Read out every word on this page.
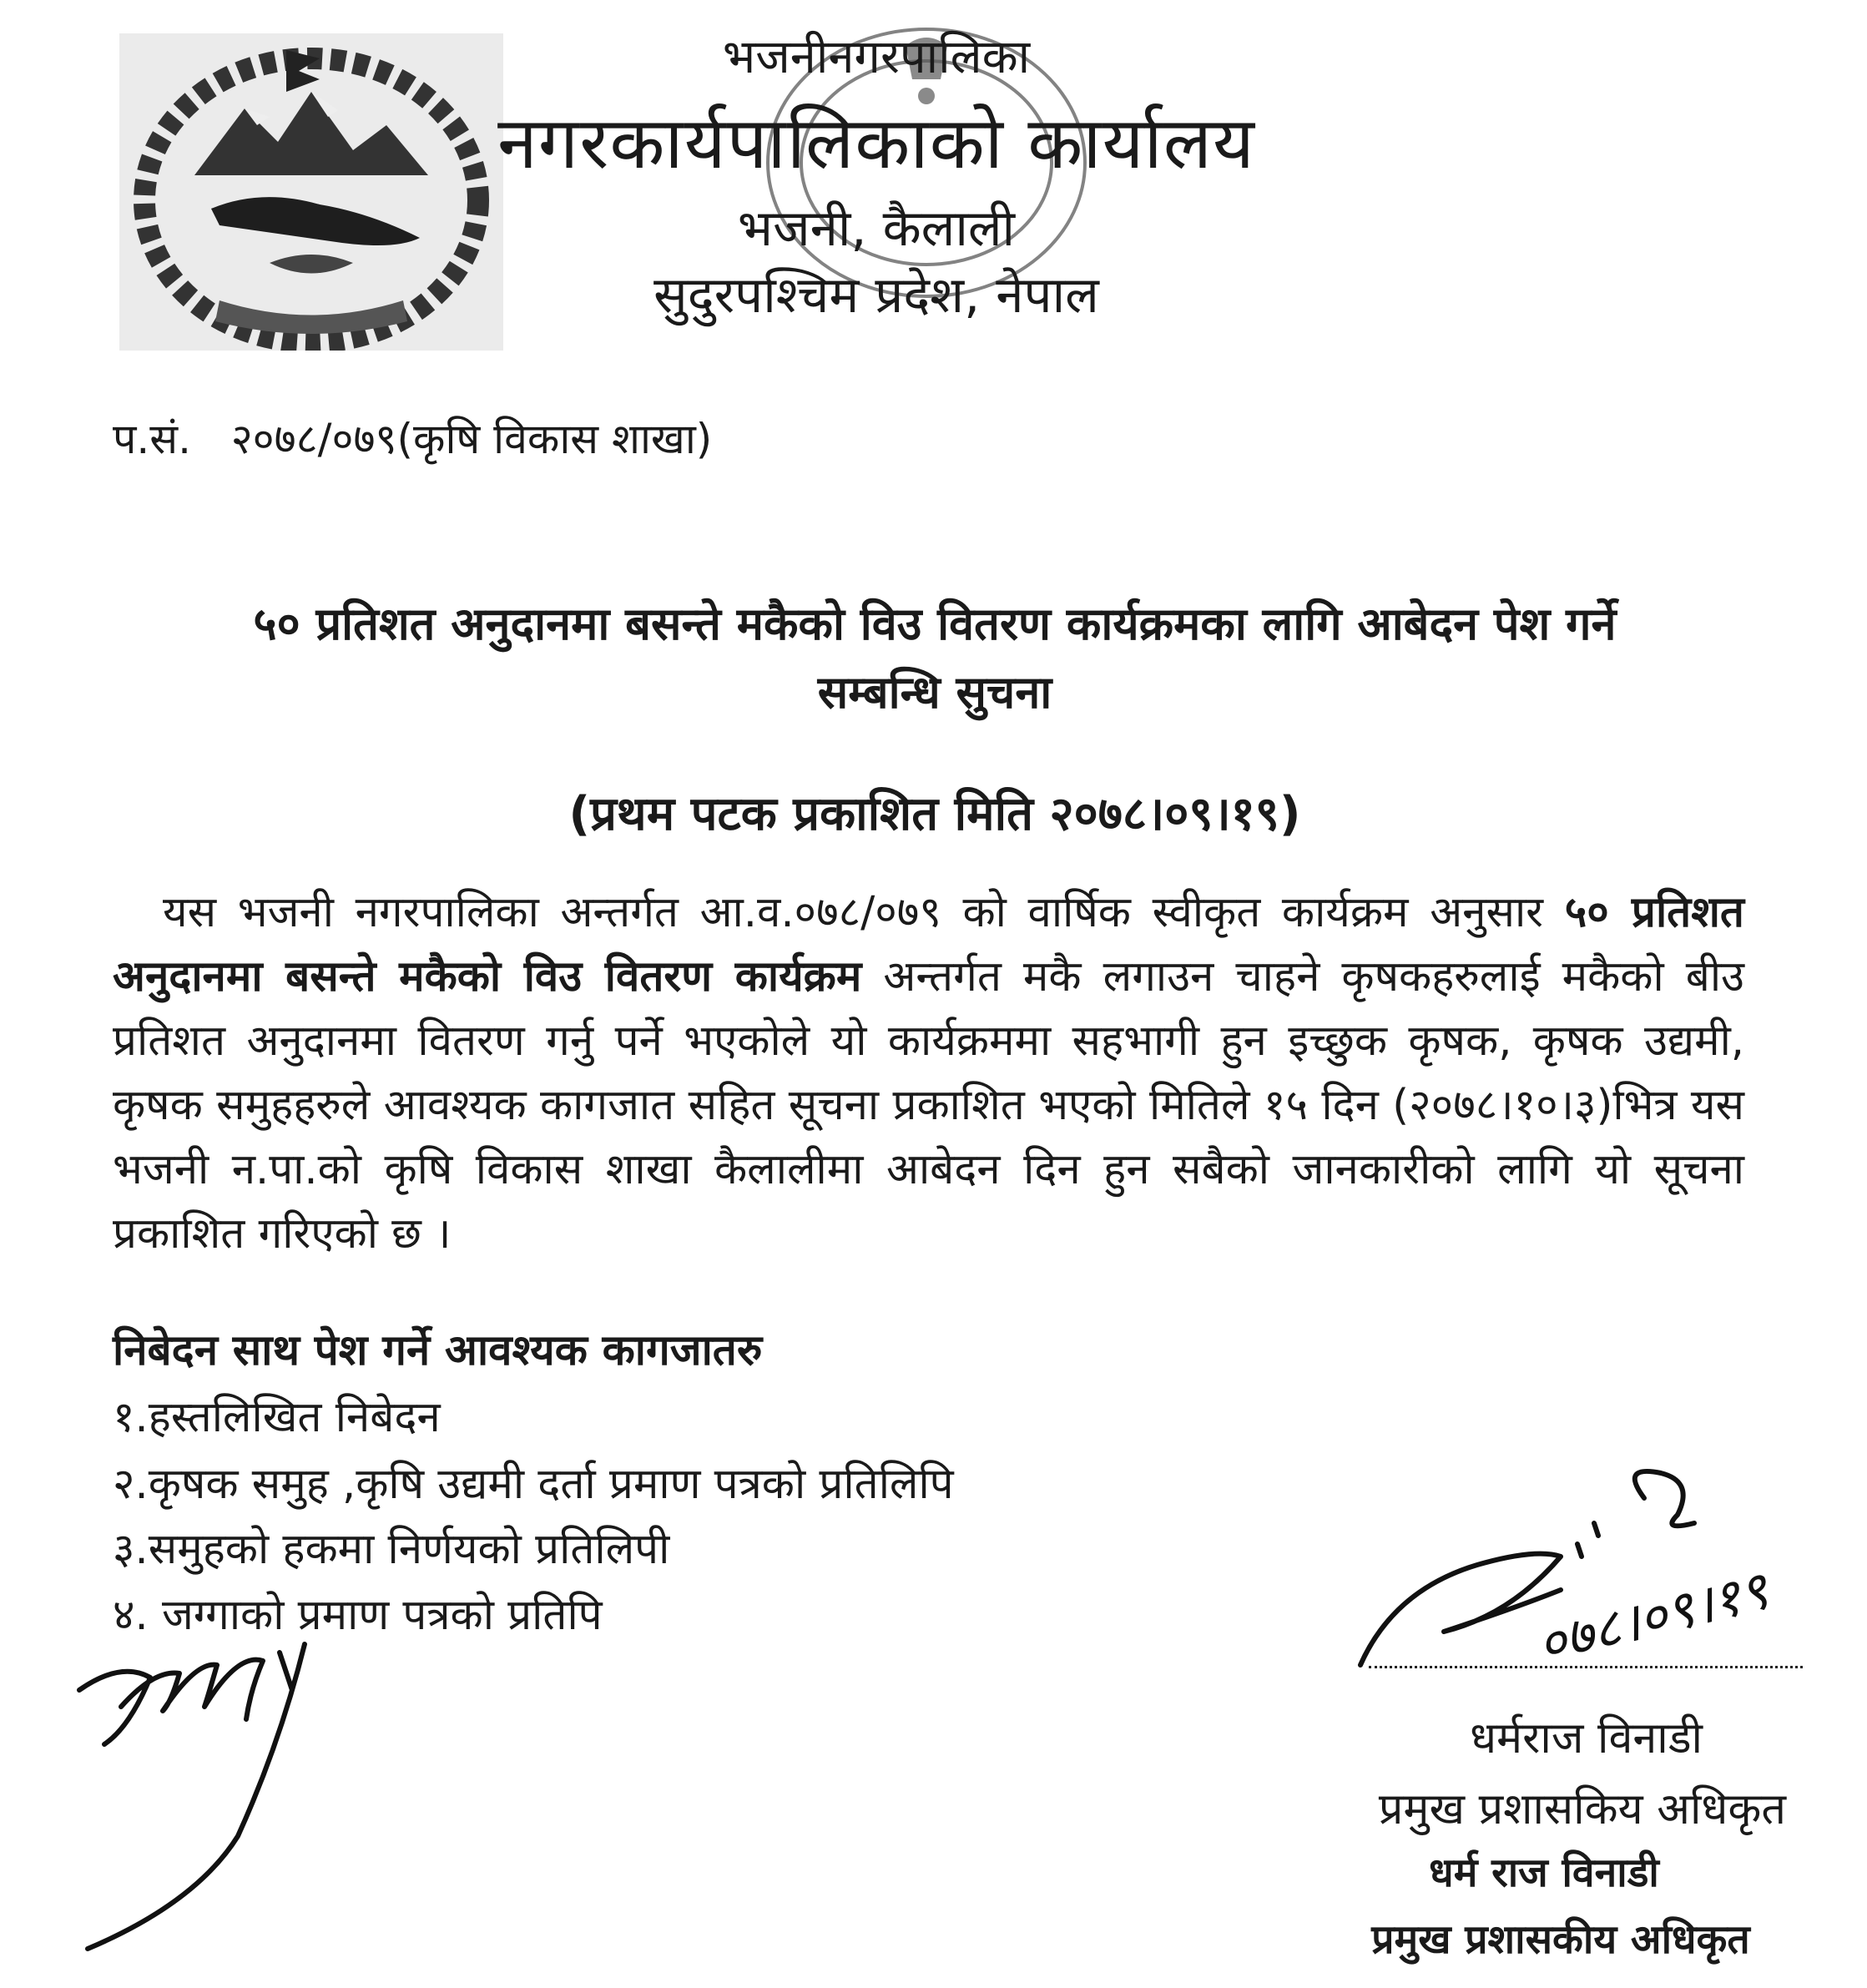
भजनीनगरपालिका
नगरकार्यपालिकाको कार्यालय
भजनी, कैलाली
सुदुरपश्चिम प्रदेश, नेपाल
प.सं. २०७८/०७९(कृषि विकास शाखा)
५० प्रतिशत अनुदानमा बसन्ते मकैको विउ वितरण कार्यक्रमका लागि आबेदन पेश गर्ने
सम्बन्धि सुचना
(प्रथम पटक प्रकाशित मिति २०७८।०९।१९)
यस भजनी नगरपालिका अन्तर्गत आ.व.०७८/०७९ को वार्षिक स्वीकृत कार्यक्रम अनुसार ५० प्रतिशत अनुदानमा बसन्ते मकैको विउ वितरण कार्यक्रम अन्तर्गत मकै लगाउन चाहने कृषकहरुलाई मकैको बीउ प्रतिशत अनुदानमा वितरण गर्नु पर्ने भएकोले यो कार्यक्रममा सहभागी हुन इच्छुक कृषक, कृषक उद्यमी, कृषक समुहहरुले आवश्यक कागजात सहित सूचना प्रकाशित भएको मितिले १५ दिन (२०७८।१०।३)भित्र यस भजनी न.पा.को कृषि विकास शाखा कैलालीमा आबेदन दिन हुन सबैको जानकारीको लागि यो सूचना प्रकाशित गरिएको छ ।
निबेदन साथ पेश गर्ने आवश्यक कागजातरु
१.हस्तलिखित निबेदन
२.कृषक समुह ,कृषि उद्यमी दर्ता प्रमाण पत्रको प्रतिलिपि
३.समुहको हकमा निर्णयको प्रतिलिपी
४. जग्गाको प्रमाण पत्रको प्रतिपि	०७८।०९।१९
धर्मराज विनाडी
प्रमुख प्रशासकिय अधिकृत
धर्म राज विनाडी
प्रमुख प्रशासकीय अधिकृत
